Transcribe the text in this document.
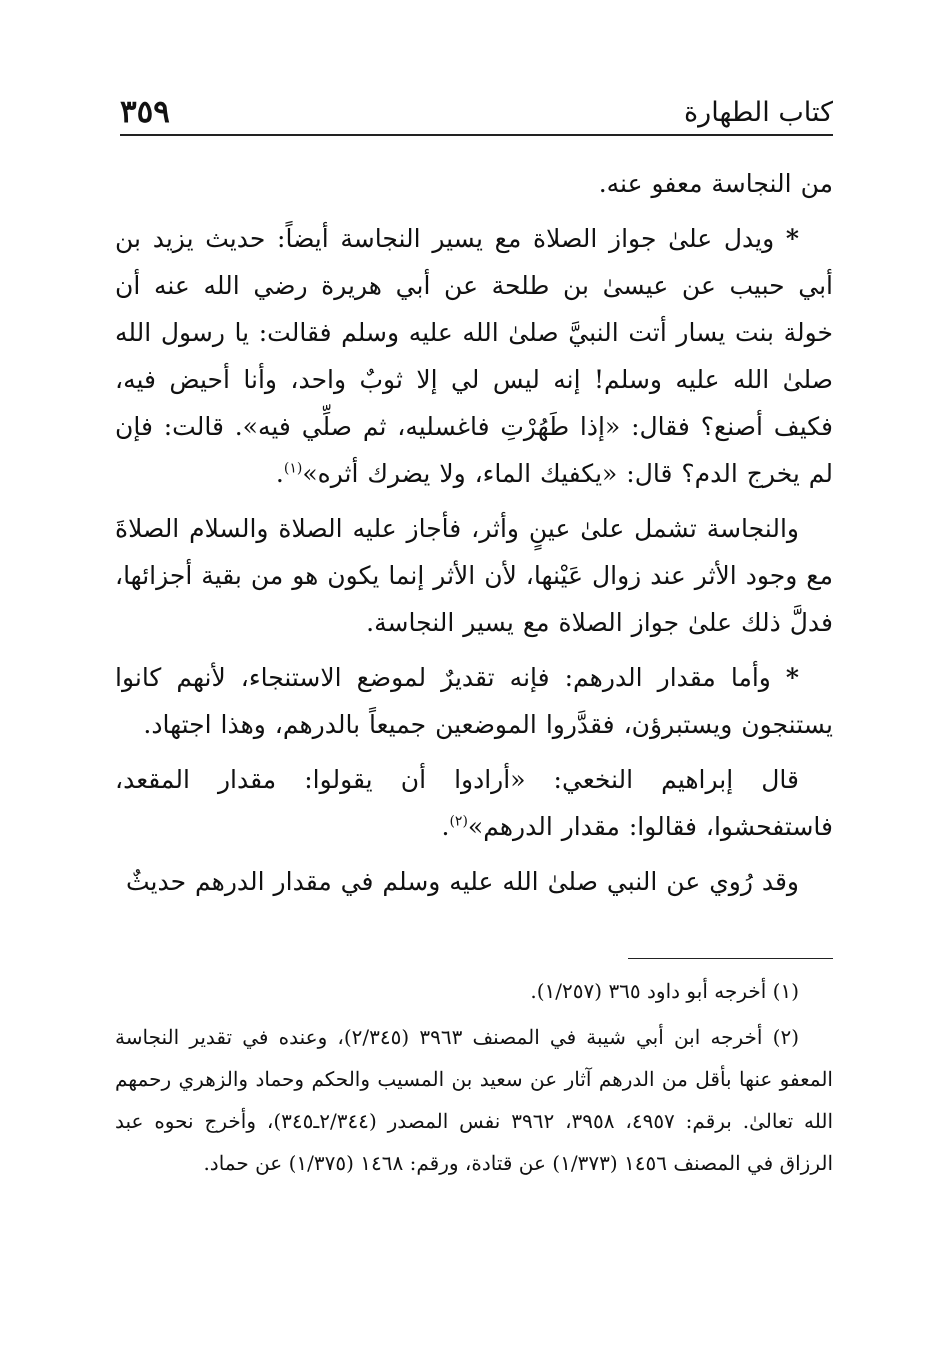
كتاب الطهارة
٣٥٩

من النجاسة معفو عنه.

* ويدل علىٰ جواز الصلاة مع يسير النجاسة أيضاً: حديث يزيد بن أبي حبيب عن عيسىٰ بن طلحة عن أبي هريرة رضي الله عنه أن خولة بنت يسار أتت النبيَّ صلىٰ الله عليه وسلم فقالت: يا رسول الله صلىٰ الله عليه وسلم! إنه ليس لي إلا ثوبٌ واحد، وأنا أحيض فيه، فكيف أصنع؟ فقال: «إذا طَهُرْتِ فاغسليه، ثم صلِّي فيه». قالت: فإن لم يخرج الدم؟ قال: «يكفيك الماء، ولا يضرك أثره»$^{(١)}$.

والنجاسة تشمل علىٰ عينٍ وأثر، فأجاز عليه الصلاة والسلام الصلاةَ مع وجود الأثر عند زوال عَيْنها، لأن الأثر إنما يكون هو من بقية أجزائها، فدلَّ ذلك علىٰ جواز الصلاة مع يسير النجاسة.

* وأما مقدار الدرهم: فإنه تقديرٌ لموضع الاستنجاء، لأنهم كانوا يستنجون ويستبرؤن، فقدَّروا الموضعين جميعاً بالدرهم، وهذا اجتهاد.

قال إبراهيم النخعي: «أرادوا أن يقولوا: مقدار المقعد، فاستفحشوا، فقالوا: مقدار الدرهم»$^{(٢)}$.

وقد رُوي عن النبي صلىٰ الله عليه وسلم في مقدار الدرهم حديثٌ

(١) أخرجه أبو داود ٣٦٥ (١/٢٥٧).

(٢) أخرجه ابن أبي شيبة في المصنف ٣٩٦٣ (٢/٣٤٥)، وعنده في تقدير النجاسة المعفو عنها بأقل من الدرهم آثار عن سعيد بن المسيب والحكم وحماد والزهري رحمهم الله تعالىٰ. برقم: ٤٩٥٧، ٣٩٥٨، ٣٩٦٢ نفس المصدر (٢/٣٤٤ـ٣٤٥)، وأخرج نحوه عبد الرزاق في المصنف ١٤٥٦ (١/٣٧٣) عن قتادة، ورقم: ١٤٦٨ (١/٣٧٥) عن حماد.
